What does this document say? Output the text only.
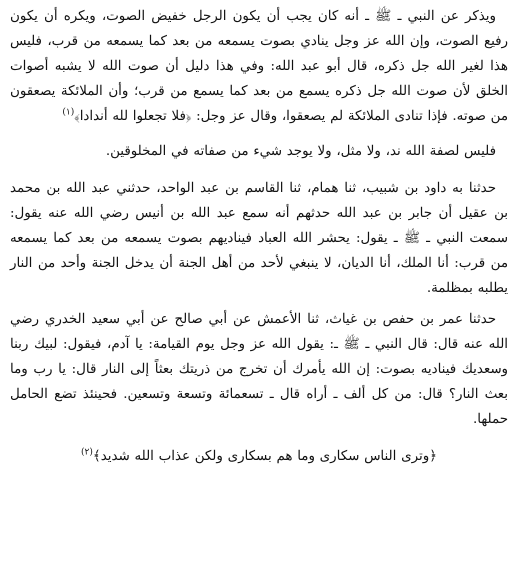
ويذكر عن النبي ـ ﷺ ـ أنه كان يجب أن يكون الرجل خفيض الصوت، ويكره أن يكون رفيع الصوت، وإن الله عز وجل ينادي بصوت يسمعه من بعد كما يسمعه من قرب، فليس هذا لغير الله جل ذكره، قال أبو عبد الله: وفي هذا دليل أن صوت الله لا يشبه أصوات الخلق لأن صوت الله جل ذكره يسمع من بعد كما يسمع من قرب؛ وأن الملائكة يصعقون من صوته. فإذا تنادى الملائكة لم يصعقوا، وقال عز وجل: ﴿فلا تجعلوا لله أندادا﴾$^{(١)}$

فليس لصفة الله ند، ولا مثل، ولا يوجد شيء من صفاته في المخلوقين.

حدثنا به داود بن شبيب، ثنا همام، ثنا القاسم بن عبد الواحد، حدثني عبد الله بن محمد بن عقيل أن جابر بن عبد الله حدثهم أنه سمع عبد الله بن أنيس رضي الله عنه يقول: سمعت النبي ـ ﷺ ـ يقول: يحشر الله العباد فيناديهم بصوت يسمعه من بعد كما يسمعه من قرب: أنا الملك، أنا الديان، لا ينبغي لأحد من أهل الجنة أن يدخل الجنة وأحد من النار يطلبه بمظلمة.

حدثنا عمر بن حفص بن غياث، ثنا الأعمش عن أبي صالح عن أبي سعيد الخدري رضي الله عنه قال: قال النبي ـ ﷺ ـ: يقول الله عز وجل يوم القيامة: يا آدم، فيقول: لبيك ربنا وسعديك فيناديه بصوت: إن الله يأمرك أن تخرج من ذريتك بعثاً إلى النار قال: يا رب وما بعث النار؟ قال: من كل ألف ـ أراه قال ـ تسعمائة وتسعة وتسعين. فحينئذ تضع الحامل حملها.

﴿وترى الناس سكارى وما هم بسكارى ولكن عذاب الله شديد﴾$^{(٢)}$
